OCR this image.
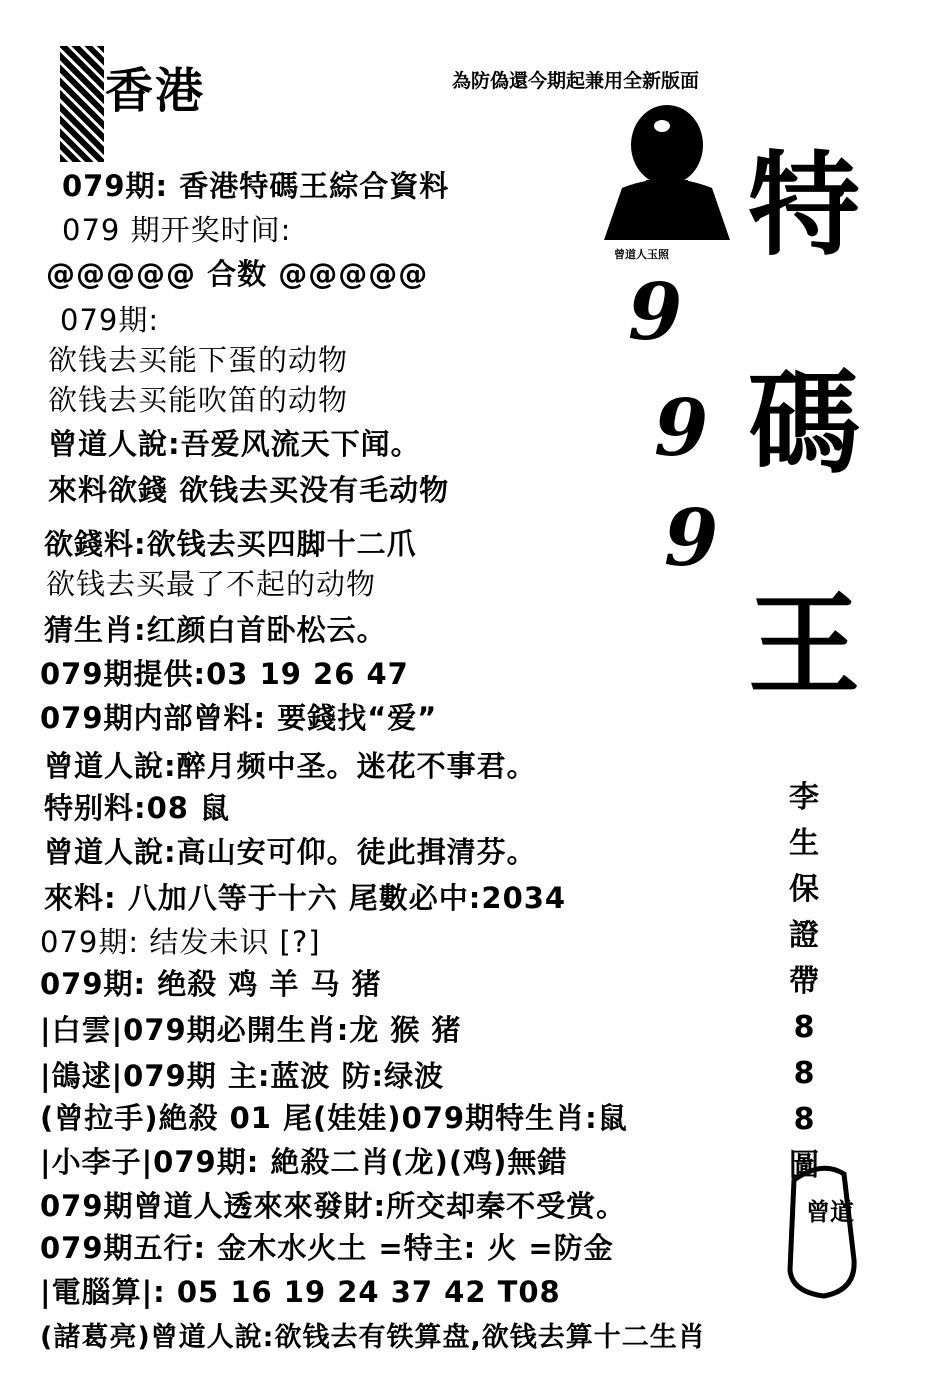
香港	為防偽還今期起兼用全新版面
曾道人玉照
9
9
9
特
碼
王
李
生
保
證
帶
8
8
8
圖
曾道
079期: 香港特碼王綜合資料
079 期开奖时间:
@@@@@ 合数 @@@@@
079期:
欲钱去买能下蛋的动物
欲钱去买能吹笛的动物
曾道人說:吾爱风流天下闻。
來料欲錢 欲钱去买没有毛动物
欲錢料:欲钱去买四脚十二爪
欲钱去买最了不起的动物
猜生肖:红颜白首卧松云。
079期提供:03 19 26 47
079期内部曾料: 要錢找“爱”
曾道人說:醉月频中圣。迷花不事君。
特别料:08 鼠
曾道人說:高山安可仰。徒此揖清芬。
來料: 八加八等于十六 尾數必中:2034
079期: 结发未识 [?]
079期: 绝殺 鸡 羊 马 猪
|白雲|079期必開生肖:龙 猴 猪
|鴿逑|079期 主:蓝波 防:绿波
(曾拉手)絶殺 01 尾(娃娃)079期特生肖:鼠
|小李子|079期: 絶殺二肖(龙)(鸡)無錯
079期曾道人透來來發財:所交却秦不受赏。
079期五行: 金木水火土 =特主: 火 =防金
|電腦算|: 05 16 19 24 37 42 T08
(諸葛亮)曾道人說:欲钱去有铁算盘,欲钱去算十二生肖
